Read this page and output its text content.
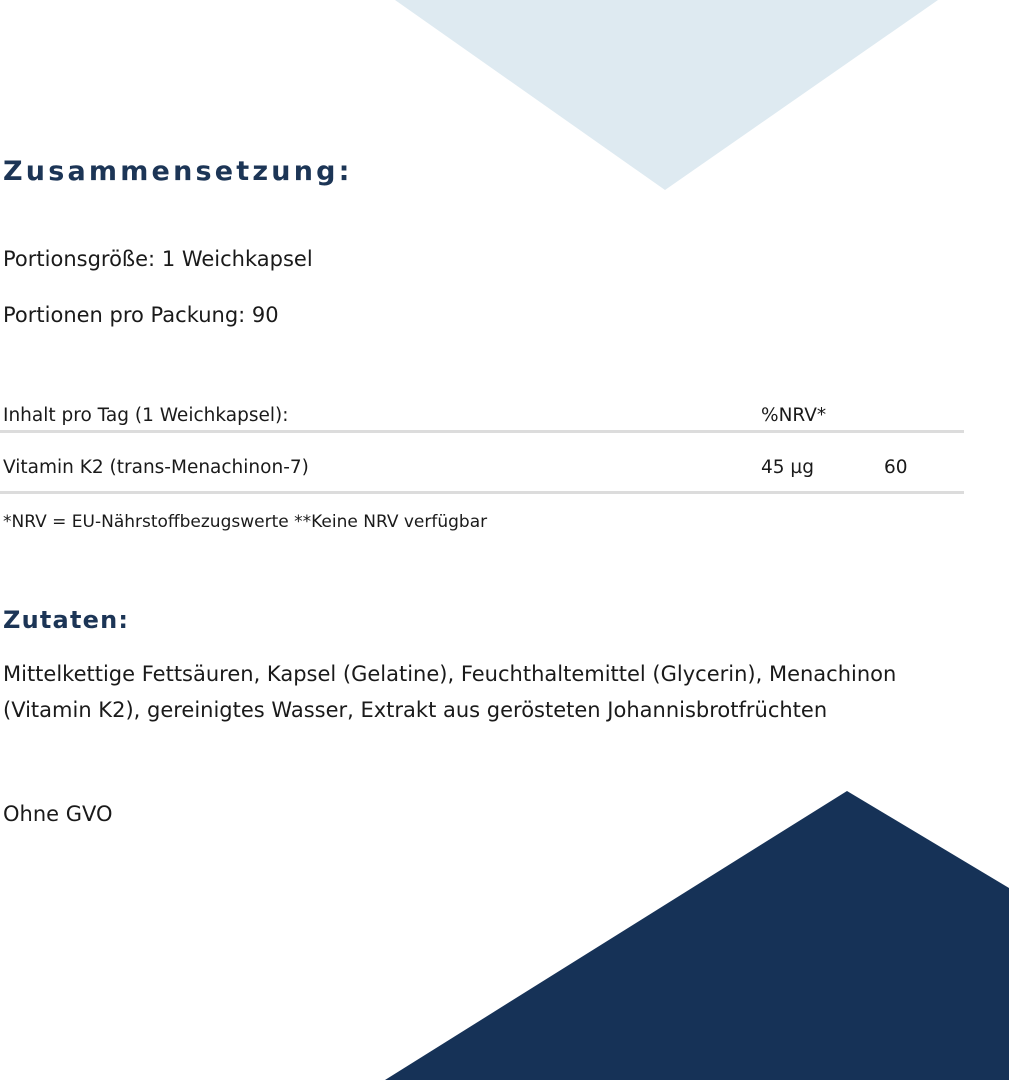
Zusammensetzung:

Portionsgröße: 1 Weichkapsel

Portionen pro Packung: 90

Inhalt pro Tag (1 Weichkapsel):	%NRV*
Vitamin K2 (trans-Menachinon-7)	45 µg	60

*NRV = EU-Nährstoffbezugswerte **Keine NRV verfügbar

Zutaten:

Mittelkettige Fettsäuren, Kapsel (Gelatine), Feuchthaltemittel (Glycerin), Menachinon (Vitamin K2), gereinigtes Wasser, Extrakt aus gerösteten Johannisbrotfrüchten

Ohne GVO
